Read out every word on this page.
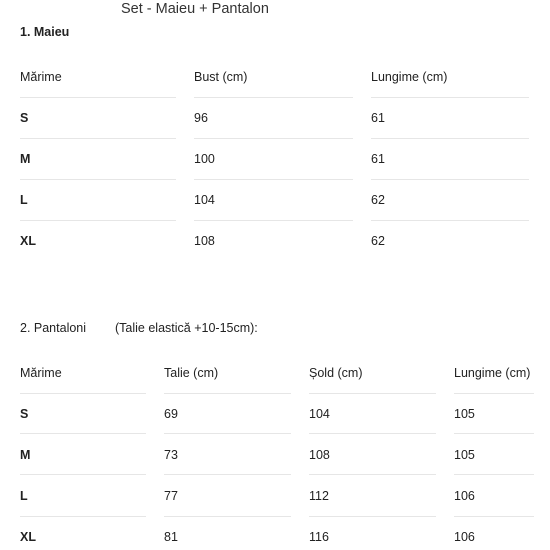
Set - Maieu + Pantalon
1. Maieu
Mărime	Bust (cm)	Lungime (cm)
S	96	61
M	100	61
L	104	62
XL	108	62
2. Pantaloni (Talie elastică +10-15cm):
Mărime	Talie (cm)	Șold (cm)	Lungime (cm)
S	69	104	105
M	73	108	105
L	77	112	106
XL	81	116	106
